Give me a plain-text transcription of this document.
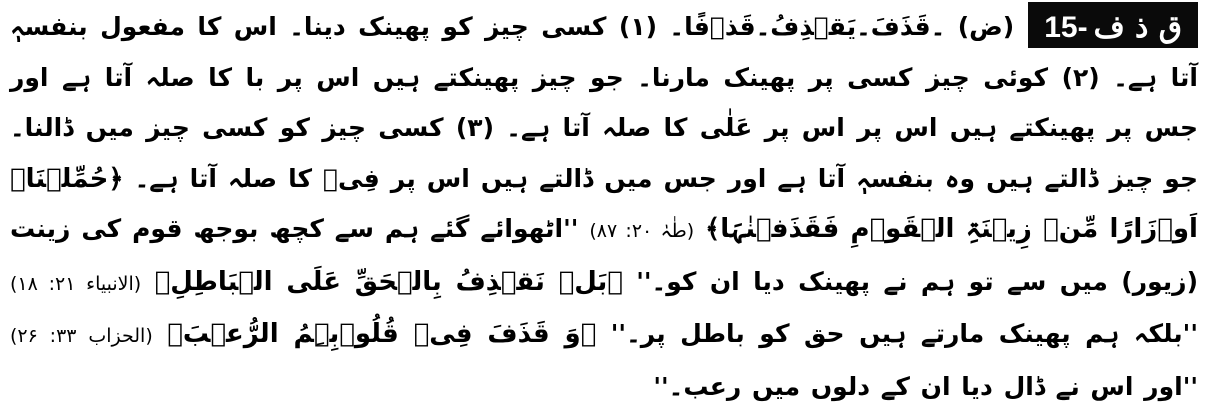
15- ق ذ ف
(ض) ۔قَذَفَ۔یَقۡذِفُ۔قَذۡفًا۔ (۱) کسی چیز کو پھینک دینا۔ اس کا مفعول بنفسہٖ آتا ہے۔ (۲) کوئی چیز کسی پر پھینک مارنا۔ جو چیز پھینکتے ہیں اس پر با کا صلہ آتا ہے اور جس پر پھینکتے ہیں اس پر اس پر عَلٰی کا صلہ آتا ہے۔ (۳) کسی چیز کو کسی چیز میں ڈالنا۔ جو چیز ڈالتے ہیں وہ بنفسہٖ آتا ہے اور جس میں ڈالتے ہیں اس پر فِیۡ کا صلہ آتا ہے۔ ﴿حُمِّلۡنَاۤ اَوۡزَارًا مِّنۡ زِیۡنَۃِ الۡقَوۡمِ فَقَذَفۡنٰہَا﴾ (طٰہٰ ۲۰: ۸۷) ''اٹھوائے گئے ہم سے کچھ بوجھ قوم کی زینت (زیور) میں سے تو ہم نے پھینک دیا ان کو۔'' ﴿بَلۡ نَقۡذِفُ بِالۡحَقِّ عَلَی الۡبَاطِلِ﴾ (الانبیاء ۲۱: ۱۸) ''بلکہ ہم پھینک مارتے ہیں حق کو باطل پر۔'' ﴿وَ قَذَفَ فِیۡ قُلُوۡبِہِمُ الرُّعۡبَ﴾ (الحزاب ۳۳: ۲۶) ''اور اس نے ڈال دیا ان کے دلوں میں رعب۔''
